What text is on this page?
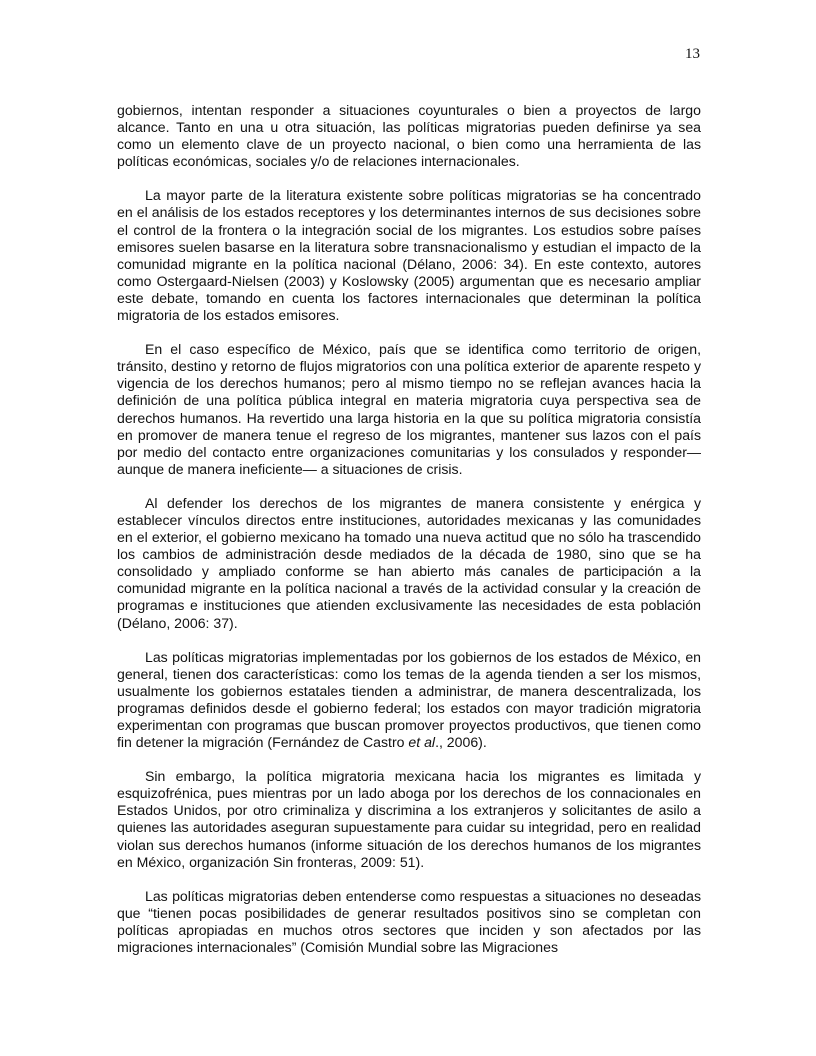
13

gobiernos, intentan responder a situaciones coyunturales o bien a proyectos de largo alcance. Tanto en una u otra situación, las políticas migratorias pueden definirse ya sea como un elemento clave de un proyecto nacional, o bien como una herramienta de las políticas económicas, sociales y/o de relaciones internacionales.

La mayor parte de la literatura existente sobre políticas migratorias se ha concentrado en el análisis de los estados receptores y los determinantes internos de sus decisiones sobre el control de la frontera o la integración social de los migrantes. Los estudios sobre países emisores suelen basarse en la literatura sobre transnacionalismo y estudian el impacto de la comunidad migrante en la política nacional (Délano, 2006: 34). En este contexto, autores como Ostergaard-Nielsen (2003) y Koslowsky (2005) argumentan que es necesario ampliar este debate, tomando en cuenta los factores internacionales que determinan la política migratoria de los estados emisores.

En el caso específico de México, país que se identifica como territorio de origen, tránsito, destino y retorno de flujos migratorios con una política exterior de aparente respeto y vigencia de los derechos humanos; pero al mismo tiempo no se reflejan avances hacia la definición de una política pública integral en materia migratoria cuya perspectiva sea de derechos humanos. Ha revertido una larga historia en la que su política migratoria consistía en promover de manera tenue el regreso de los migrantes, mantener sus lazos con el país por medio del contacto entre organizaciones comunitarias y los consulados y responder—aunque de manera ineficiente— a situaciones de crisis.

Al defender los derechos de los migrantes de manera consistente y enérgica y establecer vínculos directos entre instituciones, autoridades mexicanas y las comunidades en el exterior, el gobierno mexicano ha tomado una nueva actitud que no sólo ha trascendido los cambios de administración desde mediados de la década de 1980, sino que se ha consolidado y ampliado conforme se han abierto más canales de participación a la comunidad migrante en la política nacional a través de la actividad consular y la creación de programas e instituciones que atienden exclusivamente las necesidades de esta población (Délano, 2006: 37).

Las políticas migratorias implementadas por los gobiernos de los estados de México, en general, tienen dos características: como los temas de la agenda tienden a ser los mismos, usualmente los gobiernos estatales tienden a administrar, de manera descentralizada, los programas definidos desde el gobierno federal; los estados con mayor tradición migratoria experimentan con programas que buscan promover proyectos productivos, que tienen como fin detener la migración (Fernández de Castro et al., 2006).

Sin embargo, la política migratoria mexicana hacia los migrantes es limitada y esquizofrénica, pues mientras por un lado aboga por los derechos de los connacionales en Estados Unidos, por otro criminaliza y discrimina a los extranjeros y solicitantes de asilo a quienes las autoridades aseguran supuestamente para cuidar su integridad, pero en realidad violan sus derechos humanos (informe situación de los derechos humanos de los migrantes en México, organización Sin fronteras, 2009: 51).

Las políticas migratorias deben entenderse como respuestas a situaciones no deseadas que “tienen pocas posibilidades de generar resultados positivos sino se completan con políticas apropiadas en muchos otros sectores que inciden y son afectados por las migraciones internacionales” (Comisión Mundial sobre las Migraciones
